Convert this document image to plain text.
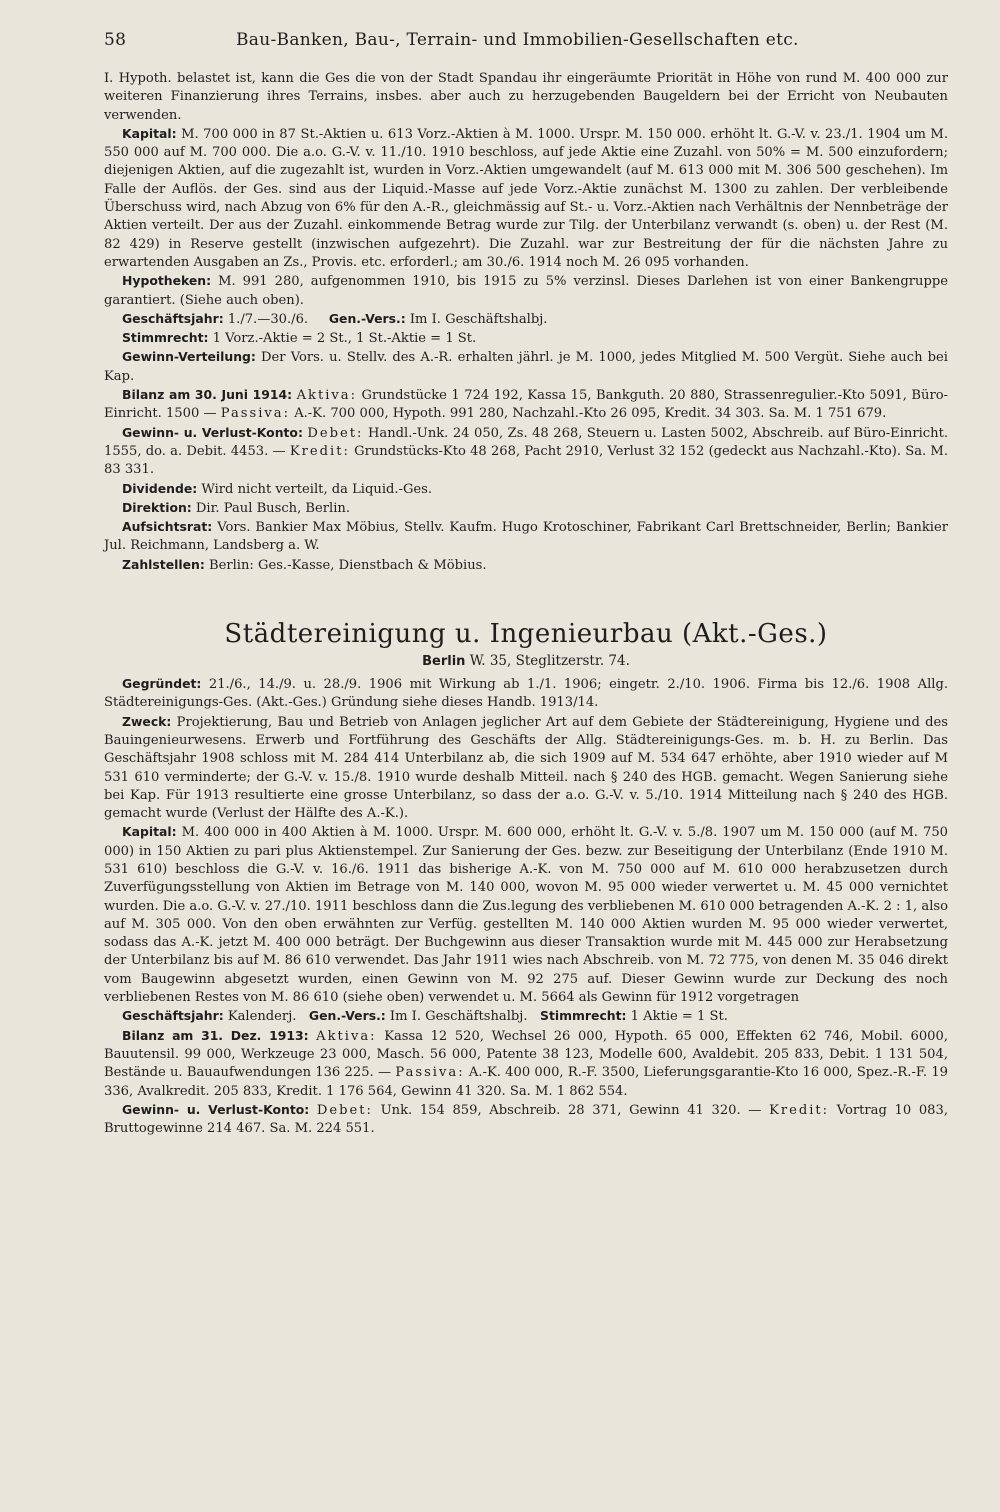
58	Bau-Banken, Bau-, Terrain- und Immobilien-Gesellschaften etc.

I. Hypoth. belastet ist, kann die Ges die von der Stadt Spandau ihr eingeräumte Priorität in Höhe von rund M. 400 000 zur weiteren Finanzierung ihres Terrains, insbes. aber auch zu herzugebenden Baugeldern bei der Erricht von Neubauten verwenden.

Kapital: M. 700 000 in 87 St.-Aktien u. 613 Vorz.-Aktien à M. 1000. Urspr. M. 150 000. erhöht lt. G.-V. v. 23./1. 1904 um M. 550 000 auf M. 700 000. Die a.o. G.-V. v. 11./10. 1910 beschloss, auf jede Aktie eine Zuzahl. von 50% = M. 500 einzufordern; diejenigen Aktien, auf die zugezahlt ist, wurden in Vorz.-Aktien umgewandelt (auf M. 613 000 mit M. 306 500 geschehen). Im Falle der Auflös. der Ges. sind aus der Liquid.-Masse auf jede Vorz.-Aktie zunächst M. 1300 zu zahlen. Der verbleibende Überschuss wird, nach Abzug von 6% für den A.-R., gleichmässig auf St.- u. Vorz.-Aktien nach Verhältnis der Nennbeträge der Aktien verteilt. Der aus der Zuzahl. einkommende Betrag wurde zur Tilg. der Unterbilanz verwandt (s. oben) u. der Rest (M. 82 429) in Reserve gestellt (inzwischen aufgezehrt). Die Zuzahl. war zur Bestreitung der für die nächsten Jahre zu erwartenden Ausgaben an Zs., Provis. etc. erforderl.; am 30./6. 1914 noch M. 26 095 vorhanden.

Hypotheken: M. 991 280, aufgenommen 1910, bis 1915 zu 5% verzinsl. Dieses Darlehen ist von einer Bankengruppe garantiert. (Siehe auch oben).

Geschäftsjahr: 1./7.—30./6. Gen.-Vers.: Im I. Geschäftshalbj.

Stimmrecht: 1 Vorz.-Aktie = 2 St., 1 St.-Aktie = 1 St.

Gewinn-Verteilung: Der Vors. u. Stellv. des A.-R. erhalten jährl. je M. 1000, jedes Mitglied M. 500 Vergüt. Siehe auch bei Kap.

Bilanz am 30. Juni 1914: Aktiva: Grundstücke 1 724 192, Kassa 15, Bankguth. 20 880, Strassenregulier.-Kto 5091, Büro-Einricht. 1500 — Passiva: A.-K. 700 000, Hypoth. 991 280, Nachzahl.-Kto 26 095, Kredit. 34 303. Sa. M. 1 751 679.

Gewinn- u. Verlust-Konto: Debet: Handl.-Unk. 24 050, Zs. 48 268, Steuern u. Lasten 5002, Abschreib. auf Büro-Einricht. 1555, do. a. Debit. 4453. — Kredit: Grundstücks-Kto 48 268, Pacht 2910, Verlust 32 152 (gedeckt aus Nachzahl.-Kto). Sa. M. 83 331.

Dividende: Wird nicht verteilt, da Liquid.-Ges.

Direktion: Dir. Paul Busch, Berlin.

Aufsichtsrat: Vors. Bankier Max Möbius, Stellv. Kaufm. Hugo Krotoschiner, Fabrikant Carl Brettschneider, Berlin; Bankier Jul. Reichmann, Landsberg a. W.

Zahlstellen: Berlin: Ges.-Kasse, Dienstbach & Möbius.

Städtereinigung u. Ingenieurbau (Akt.-Ges.)
Berlin W. 35, Steglitzerstr. 74.

Gegründet: 21./6., 14./9. u. 28./9. 1906 mit Wirkung ab 1./1. 1906; eingetr. 2./10. 1906. Firma bis 12./6. 1908 Allg. Städtereinigungs-Ges. (Akt.-Ges.) Gründung siehe dieses Handb. 1913/14.

Zweck: Projektierung, Bau und Betrieb von Anlagen jeglicher Art auf dem Gebiete der Städtereinigung, Hygiene und des Bauingenieurwesens. Erwerb und Fortführung des Geschäfts der Allg. Städtereinigungs-Ges. m. b. H. zu Berlin. Das Geschäftsjahr 1908 schloss mit M. 284 414 Unterbilanz ab, die sich 1909 auf M. 534 647 erhöhte, aber 1910 wieder auf M 531 610 verminderte; der G.-V. v. 15./8. 1910 wurde deshalb Mitteil. nach § 240 des HGB. gemacht. Wegen Sanierung siehe bei Kap. Für 1913 resultierte eine grosse Unterbilanz, so dass der a.o. G.-V. v. 5./10. 1914 Mitteilung nach § 240 des HGB. gemacht wurde (Verlust der Hälfte des A.-K.).

Kapital: M. 400 000 in 400 Aktien à M. 1000. Urspr. M. 600 000, erhöht lt. G.-V. v. 5./8. 1907 um M. 150 000 (auf M. 750 000) in 150 Aktien zu pari plus Aktienstempel. Zur Sanierung der Ges. bezw. zur Beseitigung der Unterbilanz (Ende 1910 M. 531 610) beschloss die G.-V. v. 16./6. 1911 das bisherige A.-K. von M. 750 000 auf M. 610 000 herabzusetzen durch Zuverfügungsstellung von Aktien im Betrage von M. 140 000, wovon M. 95 000 wieder verwertet u. M. 45 000 vernichtet wurden. Die a.o. G.-V. v. 27./10. 1911 beschloss dann die Zus.legung des verbliebenen M. 610 000 betragenden A.-K. 2 : 1, also auf M. 305 000. Von den oben erwähnten zur Verfüg. gestellten M. 140 000 Aktien wurden M. 95 000 wieder verwertet, sodass das A.-K. jetzt M. 400 000 beträgt. Der Buchgewinn aus dieser Transaktion wurde mit M. 445 000 zur Herabsetzung der Unterbilanz bis auf M. 86 610 verwendet. Das Jahr 1911 wies nach Abschreib. von M. 72 775, von denen M. 35 046 direkt vom Baugewinn abgesetzt wurden, einen Gewinn von M. 92 275 auf. Dieser Gewinn wurde zur Deckung des noch verbliebenen Restes von M. 86 610 (siehe oben) verwendet u. M. 5664 als Gewinn für 1912 vorgetragen

Geschäftsjahr: Kalenderj. Gen.-Vers.: Im I. Geschäftshalbj. Stimmrecht: 1 Aktie = 1 St.

Bilanz am 31. Dez. 1913: Aktiva: Kassa 12 520, Wechsel 26 000, Hypoth. 65 000, Effekten 62 746, Mobil. 6000, Bauutensil. 99 000, Werkzeuge 23 000, Masch. 56 000, Patente 38 123, Modelle 600, Avaldebit. 205 833, Debit. 1 131 504, Bestände u. Bauaufwendungen 136 225. — Passiva: A.-K. 400 000, R.-F. 3500, Lieferungsgarantie-Kto 16 000, Spez.-R.-F. 19 336, Avalkredit. 205 833, Kredit. 1 176 564, Gewinn 41 320. Sa. M. 1 862 554.

Gewinn- u. Verlust-Konto: Debet: Unk. 154 859, Abschreib. 28 371, Gewinn 41 320. — Kredit: Vortrag 10 083, Bruttogewinne 214 467. Sa. M. 224 551.
